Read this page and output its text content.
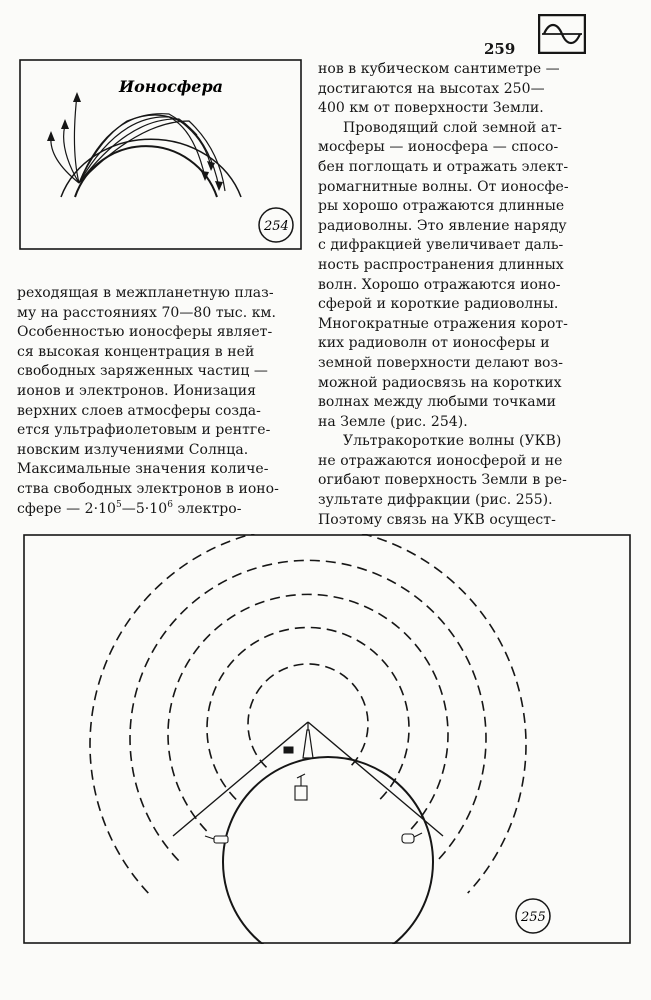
259
Ионосфера
254

нов в кубическом сантиметре —
достигаются на высотах 250—
400 км от поверхности Земли.

Проводящий слой земной ат-
мосферы — ионосфера — спосо-
бен поглощать и отражать элект-
ромагнитные волны. От ионосфе-
ры хорошо отражаются длинные
радиоволны. Это явление наряду
с дифракцией увеличивает даль-
ность распространения длинных
волн. Хорошо отражаются ионо-
сферой и короткие радиоволны.
Многократные отражения корот-
ких радиоволн от ионосферы и
земной поверхности делают воз-
можной радиосвязь на коротких
волнах между любыми точками
на Земле (рис. 254).

Ультракороткие волны (УКВ)
не отражаются ионосферой и не
огибают поверхность Земли в ре-
зультате дифракции (рис. 255).
Поэтому связь на УКВ осущест-

реходящая в межпланетную плаз-
му на расстояниях 70—80 тыс. км.
Особенностью ионосферы являет-
ся высокая концентрация в ней
свободных заряженных частиц —
ионов и электронов. Ионизация
верхних слоев атмосферы созда-
ется ультрафиолетовым и рентге-
новским излучениями Солнца.
Максимальные значения количе-
ства свободных электронов в ионо-
сфере — $2\cdot 10^5—5\cdot 10^6$ электро-

255
